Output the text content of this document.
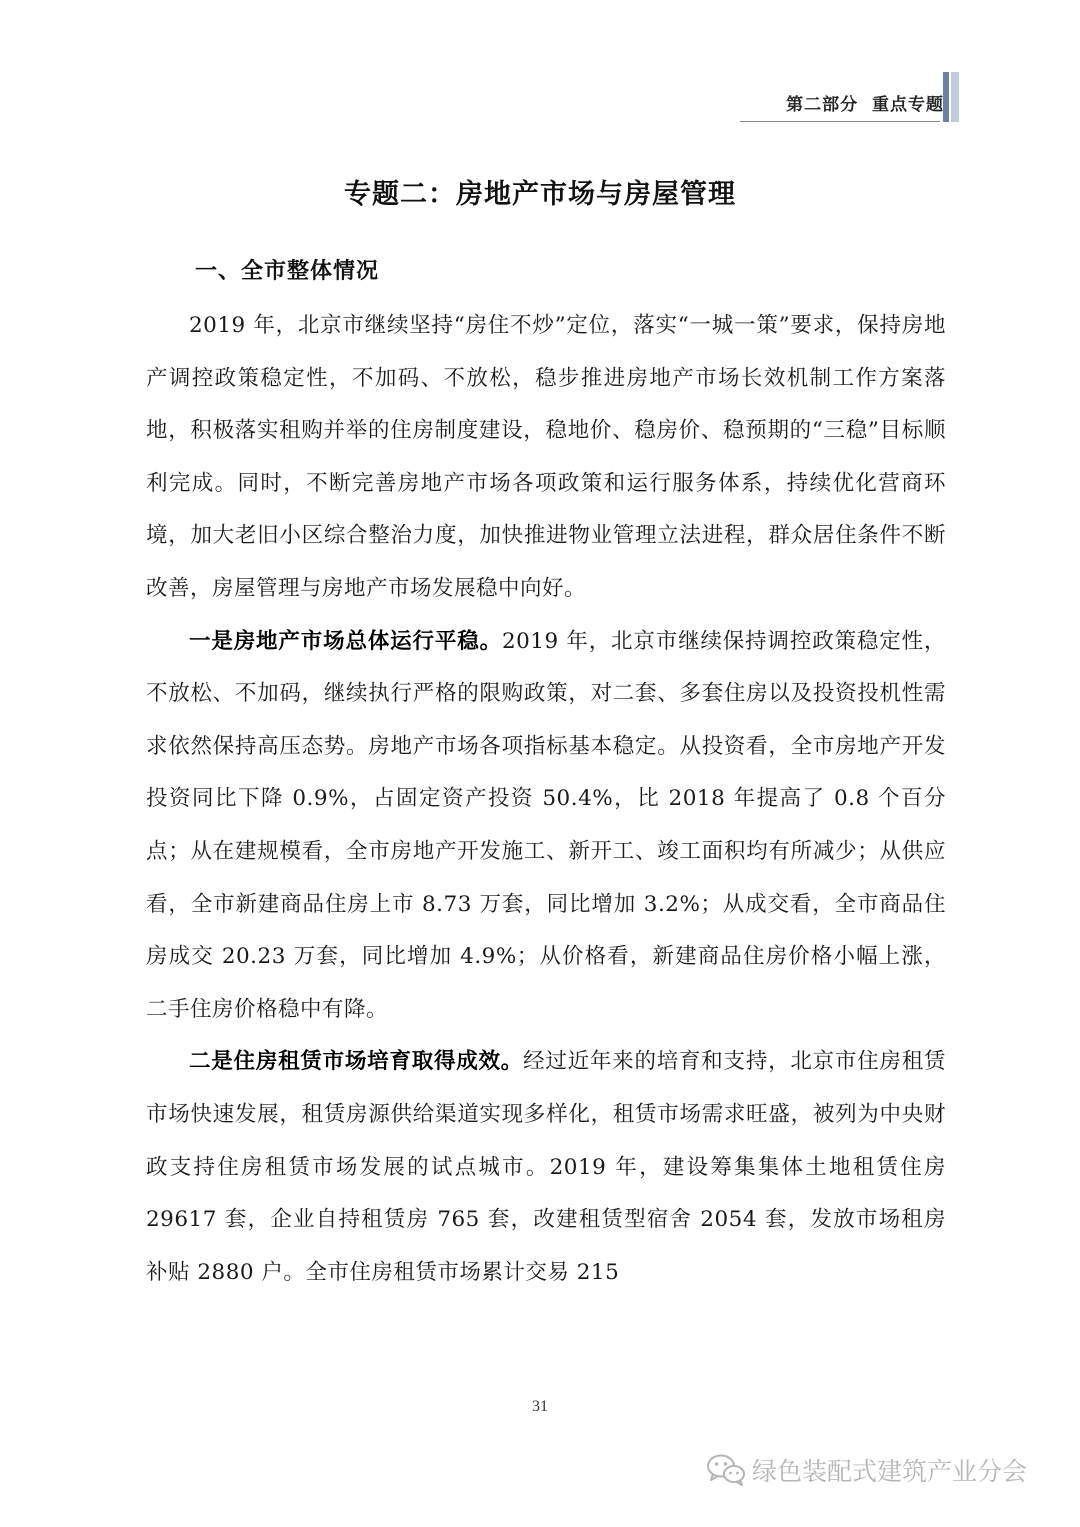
第二部分 重点专题
专题二：房地产市场与房屋管理
一、全市整体情况

2019 年，北京市继续坚持“房住不炒”定位，落实“一城一策”要求，保持房地产调控政策稳定性，不加码、不放松，稳步推进房地产市场长效机制工作方案落地，积极落实租购并举的住房制度建设，稳地价、稳房价、稳预期的“三稳”目标顺利完成。同时，不断完善房地产市场各项政策和运行服务体系，持续优化营商环境，加大老旧小区综合整治力度，加快推进物业管理立法进程，群众居住条件不断改善，房屋管理与房地产市场发展稳中向好。

一是房地产市场总体运行平稳。2019 年，北京市继续保持调控政策稳定性，不放松、不加码，继续执行严格的限购政策，对二套、多套住房以及投资投机性需求依然保持高压态势。房地产市场各项指标基本稳定。从投资看，全市房地产开发投资同比下降 0.9%，占固定资产投资 50.4%，比 2018 年提高了 0.8 个百分点；从在建规模看，全市房地产开发施工、新开工、竣工面积均有所减少；从供应看，全市新建商品住房上市 8.73 万套，同比增加 3.2%；从成交看，全市商品住房成交 20.23 万套，同比增加 4.9%；从价格看，新建商品住房价格小幅上涨，二手住房价格稳中有降。

二是住房租赁市场培育取得成效。经过近年来的培育和支持，北京市住房租赁市场快速发展，租赁房源供给渠道实现多样化，租赁市场需求旺盛，被列为中央财政支持住房租赁市场发展的试点城市。2019 年，建设筹集集体土地租赁住房 29617 套，企业自持租赁房 765 套，改建租赁型宿舍 2054 套，发放市场租房补贴 2880 户。全市住房租赁市场累计交易 215

31
绿色装配式建筑产业分会
